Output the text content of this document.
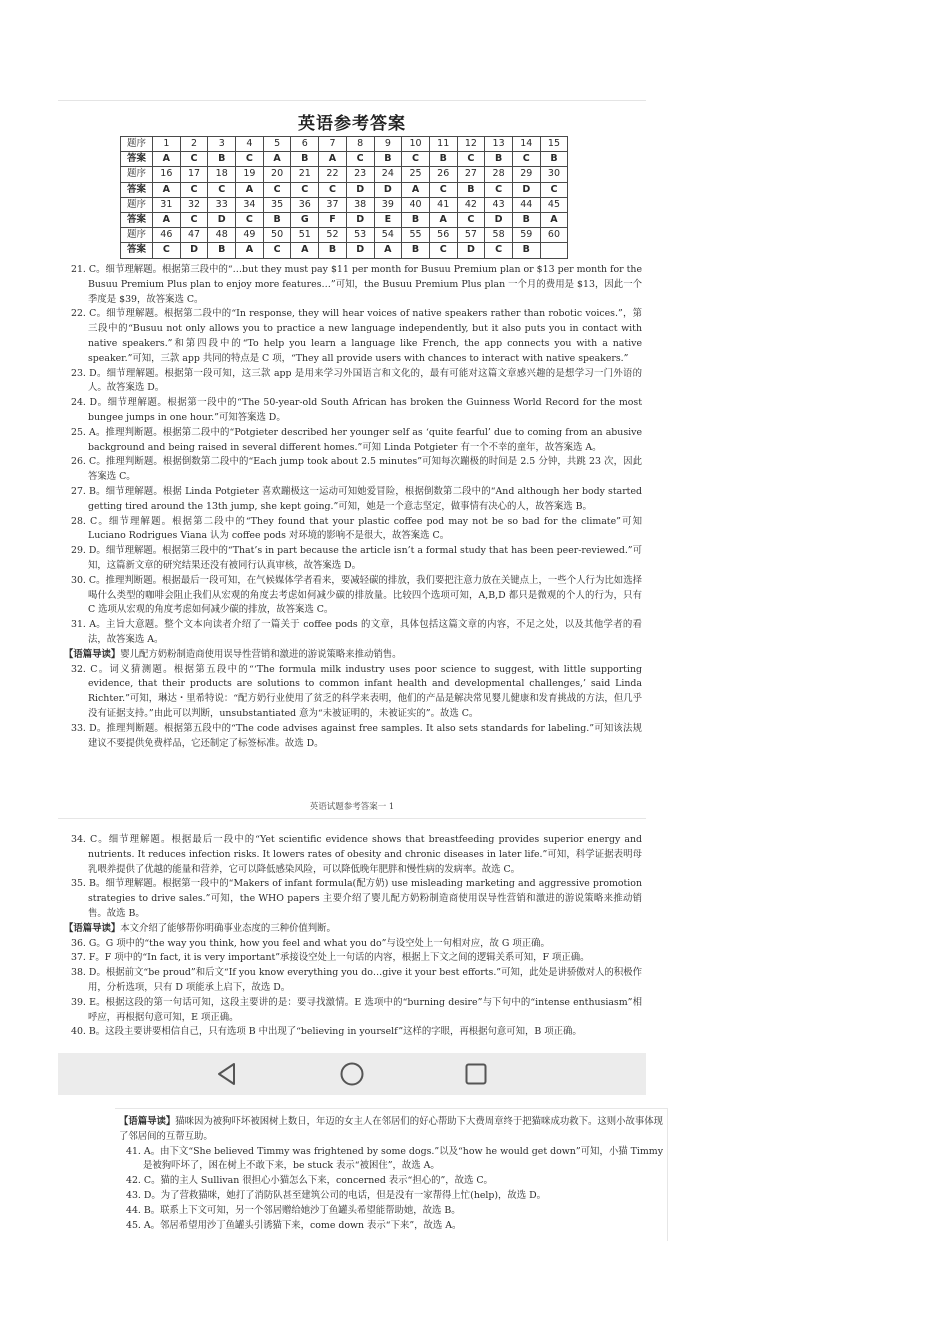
英语参考答案
题序	1	2	3	4	5	6	7	8	9	10	11	12	13	14	15
答案	A	C	B	C	A	B	A	C	B	C	B	C	B	C	B
题序	16	17	18	19	20	21	22	23	24	25	26	27	28	29	30
答案	A	C	C	A	C	C	C	D	D	A	C	B	C	D	C
题序	31	32	33	34	35	36	37	38	39	40	41	42	43	44	45
答案	A	C	D	C	B	G	F	D	E	B	A	C	D	B	A
题序	46	47	48	49	50	51	52	53	54	55	56	57	58	59	60
答案	C	D	B	A	C	A	B	D	A	B	C	D	C	B	

21. C。细节理解题。根据第三段中的“…but they must pay $11 per month for Busuu Premium plan or $13 per month for the Busuu Premium Plus plan to enjoy more features…”可知，the Busuu Premium Plus plan 一个月的费用是 $13，因此一个季度是 $39，故答案选 C。

22. C。细节理解题。根据第二段中的“In response, they will hear voices of native speakers rather than robotic voices.”，第三段中的“Busuu not only allows you to practice a new language independently, but it also puts you in contact with native speakers.”和第四段中的“To help you learn a language like French, the app connects you with a native speaker.”可知，三款 app 共同的特点是 C 项，“They all provide users with chances to interact with native speakers.”

23. D。细节理解题。根据第一段可知，这三款 app 是用来学习外国语言和文化的，最有可能对这篇文章感兴趣的是想学习一门外语的人。故答案选 D。

24. D。细节理解题。根据第一段中的“The 50-year-old South African has broken the Guinness World Record for the most bungee jumps in one hour.”可知答案选 D。

25. A。推理判断题。根据第二段中的“Potgieter described her younger self as ‘quite fearful’ due to coming from an abusive background and being raised in several different homes.”可知 Linda Potgieter 有一个不幸的童年，故答案选 A。

26. C。推理判断题。根据倒数第二段中的“Each jump took about 2.5 minutes”可知每次蹦极的时间是 2.5 分钟，共跳 23 次，因此答案选 C。

27. B。细节理解题。根据 Linda Potgieter 喜欢蹦极这一运动可知她爱冒险，根据倒数第二段中的“And although her body started getting tired around the 13th jump, she kept going.”可知，她是一个意志坚定，做事情有决心的人，故答案选 B。

28. C。细节理解题。根据第二段中的“They found that your plastic coffee pod may not be so bad for the climate”可知 Luciano Rodrigues Viana 认为 coffee pods 对环境的影响不是很大，故答案选 C。

29. D。细节理解题。根据第三段中的“That’s in part because the article isn’t a formal study that has been peer-reviewed.”可知，这篇新文章的研究结果还没有被同行认真审核，故答案选 D。

30. C。推理判断题。根据最后一段可知，在气候媒体学者看来，要减轻碳的排放，我们要把注意力放在关键点上，一些个人行为比如选择喝什么类型的咖啡会阻止我们从宏观的角度去考虑如何减少碳的排放量。比较四个选项可知，A,B,D 都只是微观的个人的行为，只有 C 选项从宏观的角度考虑如何减少碳的排放，故答案选 C。

31. A。主旨大意题。整个文本向读者介绍了一篇关于 coffee pods 的文章，具体包括这篇文章的内容，不足之处，以及其他学者的看法，故答案选 A。

【语篇导读】婴儿配方奶粉制造商使用误导性营销和激进的游说策略来推动销售。

32. C。词义猜测题。根据第五段中的“‘The formula milk industry uses poor science to suggest, with little supporting evidence, that their products are solutions to common infant health and developmental challenges,’ said Linda Richter.”可知，琳达・里希特说：“配方奶行业使用了贫乏的科学来表明，他们的产品是解决常见婴儿健康和发育挑战的方法，但几乎没有证据支持。”由此可以判断，unsubstantiated 意为“未被证明的，未被证实的”。故选 C。

33. D。推理判断题。根据第五段中的“The code advises against free samples. It also sets standards for labeling.”可知该法规建议不要提供免费样品，它还制定了标签标准。故选 D。

英语试题参考答案一 1

34. C。细节理解题。根据最后一段中的“Yet scientific evidence shows that breastfeeding provides superior energy and nutrients. It reduces infection risks. It lowers rates of obesity and chronic diseases in later life.”可知，科学证据表明母乳喂养提供了优越的能量和营养，它可以降低感染风险，可以降低晚年肥胖和慢性病的发病率。故选 C。

35. B。细节理解题。根据第一段中的“Makers of infant formula(配方奶) use misleading marketing and aggressive promotion strategies to drive sales.”可知，the WHO papers 主要介绍了婴儿配方奶粉制造商使用误导性营销和激进的游说策略来推动销售。故选 B。

【语篇导读】本文介绍了能够帮你明确事业态度的三种价值判断。

36. G。G 项中的“the way you think, how you feel and what you do”与设空处上一句相对应，故 G 项正确。

37. F。F 项中的“In fact, it is very important”承接设空处上一句话的内容，根据上下文之间的逻辑关系可知，F 项正确。

38. D。根据前文“be proud”和后文“If you know everything you do…give it your best efforts.”可知，此处是讲骄傲对人的积极作用，分析选项，只有 D 项能承上启下，故选 D。

39. E。根据这段的第一句话可知，这段主要讲的是：要寻找激情。E 选项中的“burning desire”与下句中的“intense enthusiasm”相呼应，再根据句意可知，E 项正确。

40. B。这段主要讲要相信自己，只有选项 B 中出现了“believing in yourself”这样的字眼，再根据句意可知，B 项正确。

【语篇导读】猫咪因为被狗吓坏被困树上数日，年迈的女主人在邻居们的好心帮助下大费周章终于把猫咪成功救下。这则小故事体现了邻居间的互帮互助。

41. A。由下文“She believed Timmy was frightened by some dogs.”以及“how he would get down”可知，小猫 Timmy 是被狗吓坏了，困在树上不敢下来，be stuck 表示“被困住”，故选 A。

42. C。猫的主人 Sullivan 很担心小猫怎么下来，concerned 表示“担心的”，故选 C。

43. D。为了营救猫咪，她打了消防队甚至建筑公司的电话，但是没有一家帮得上忙(help)，故选 D。

44. B。联系上下文可知，另一个邻居赠给她沙丁鱼罐头希望能帮助她，故选 B。

45. A。邻居希望用沙丁鱼罐头引诱猫下来，come down 表示“下来”，故选 A。
